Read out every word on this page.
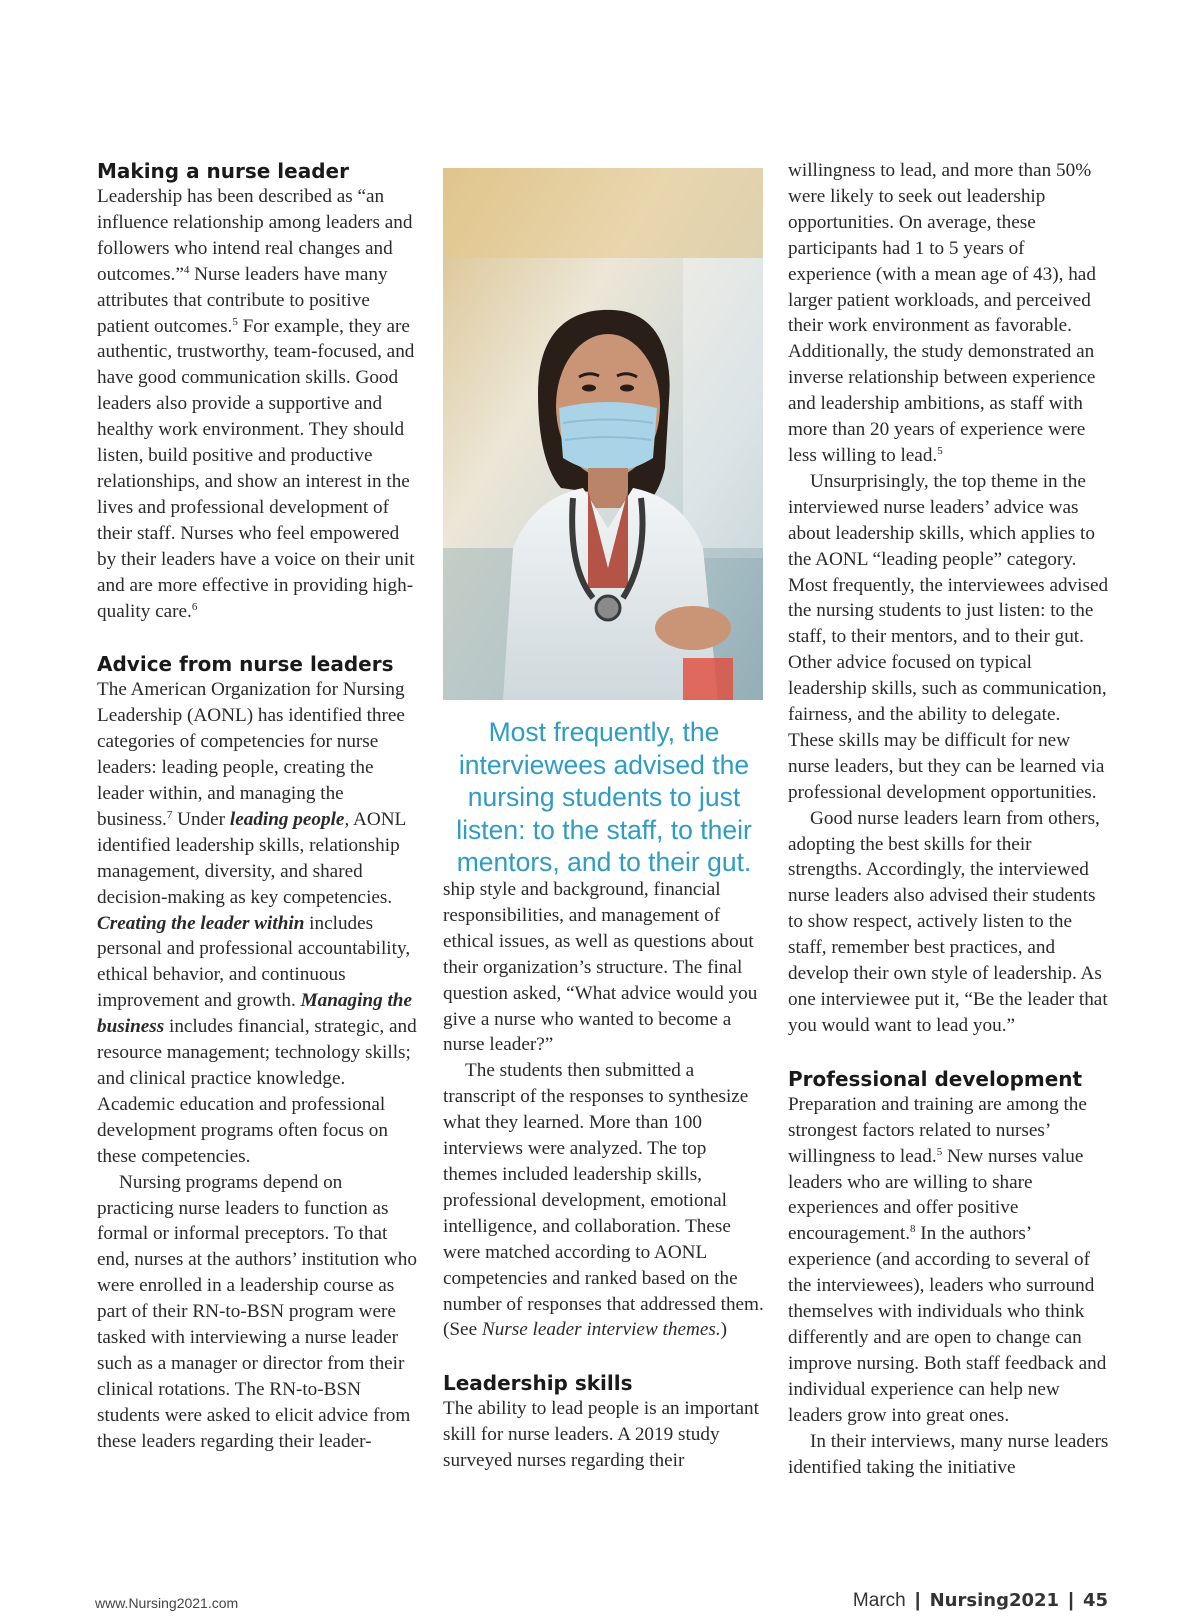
Making a nurse leader

Leadership has been described as “an influence relationship among leaders and followers who intend real changes and outcomes.”$^4$ Nurse leaders have many attributes that contribute to positive patient outcomes.$^5$ For example, they are authentic, trustworthy, team-focused, and have good communication skills. Good leaders also provide a supportive and healthy work environment. They should listen, build positive and productive relationships, and show an interest in the lives and professional development of their staff. Nurses who feel empowered by their leaders have a voice on their unit and are more effective in providing high-quality care.$^6$

Advice from nurse leaders

The American Organization for Nursing Leadership (AONL) has identified three categories of competencies for nurse leaders: leading people, creating the leader within, and managing the business.$^7$ Under leading people, AONL identified leadership skills, relationship management, diversity, and shared decision-making as key competencies. Creating the leader within includes personal and professional accountability, ethical behavior, and continuous improvement and growth. Managing the business includes financial, strategic, and resource management; technology skills; and clinical practice knowledge. Academic education and professional development programs often focus on these competencies.

Nursing programs depend on practicing nurse leaders to function as formal or informal preceptors. To that end, nurses at the authors’ institution who were enrolled in a leadership course as part of their RN-to-BSN program were tasked with interviewing a nurse leader such as a manager or director from their clinical rotations. The RN-to-BSN students were asked to elicit advice from these leaders regarding their leader-

Most frequently, the interviewees advised the nursing students to just listen: to the staff, to their mentors, and to their gut.

ship style and background, financial responsibilities, and management of ethical issues, as well as questions about their organization’s structure. The final question asked, “What advice would you give a nurse who wanted to become a nurse leader?”

The students then submitted a transcript of the responses to synthesize what they learned. More than 100 interviews were analyzed. The top themes included leadership skills, professional development, emotional intelligence, and collaboration. These were matched according to AONL competencies and ranked based on the number of responses that addressed them. (See Nurse leader interview themes.)

Leadership skills

The ability to lead people is an important skill for nurse leaders. A 2019 study surveyed nurses regarding their

willingness to lead, and more than 50% were likely to seek out leadership opportunities. On average, these participants had 1 to 5 years of experience (with a mean age of 43), had larger patient workloads, and perceived their work environment as favorable. Additionally, the study demonstrated an inverse relationship between experience and leadership ambitions, as staff with more than 20 years of experience were less willing to lead.$^5$

Unsurprisingly, the top theme in the interviewed nurse leaders’ advice was about leadership skills, which applies to the AONL “leading people” category. Most frequently, the interviewees advised the nursing students to just listen: to the staff, to their mentors, and to their gut. Other advice focused on typical leadership skills, such as communication, fairness, and the ability to delegate. These skills may be difficult for new nurse leaders, but they can be learned via professional development opportunities.

Good nurse leaders learn from others, adopting the best skills for their strengths. Accordingly, the interviewed nurse leaders also advised their students to show respect, actively listen to the staff, remember best practices, and develop their own style of leadership. As one interviewee put it, “Be the leader that you would want to lead you.”

Professional development

Preparation and training are among the strongest factors related to nurses’ willingness to lead.$^5$ New nurses value leaders who are willing to share experiences and offer positive encouragement.$^8$ In the authors’ experience (and according to several of the interviewees), leaders who surround themselves with individuals who think differently and are open to change can improve nursing. Both staff feedback and individual experience can help new leaders grow into great ones.

In their interviews, many nurse leaders identified taking the initiative

www.Nursing2021.com	March | Nursing2021 | 45
